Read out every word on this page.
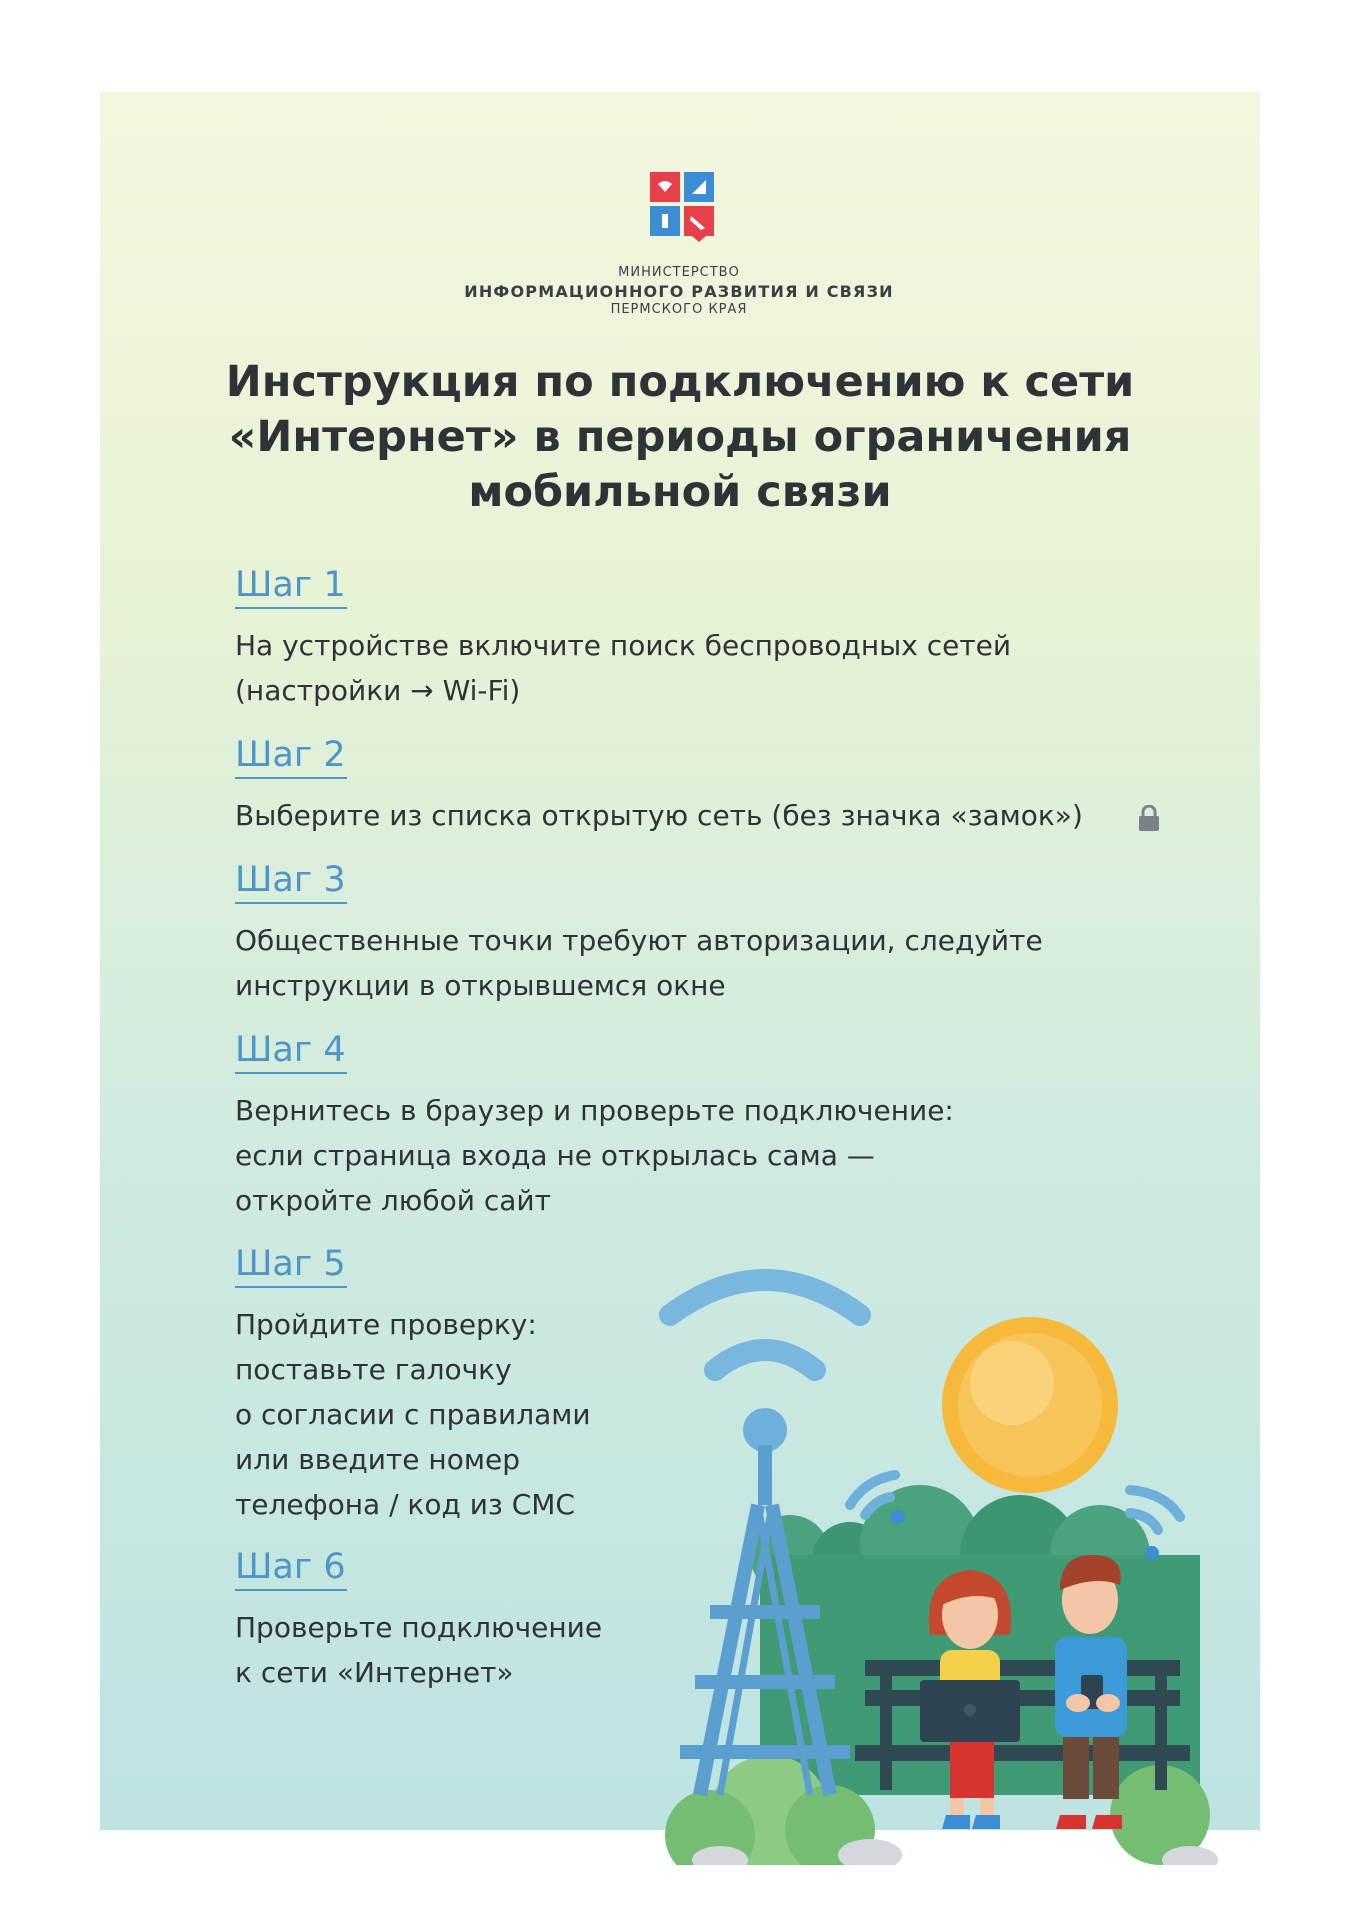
МИНИСТЕРСТВО
ИНФОРМАЦИОННОГО РАЗВИТИЯ И СВЯЗИ
ПЕРМСКОГО КРАЯ
Инструкция по подключению к сети
«Интернет» в периоды ограничения
мобильной связи
Шаг 1
На устройстве включите поиск беспроводных сетей
(настройки → Wi-Fi)
Шаг 2
Выберите из списка открытую сеть (без значка «замок»)
Шаг 3
Общественные точки требуют авторизации, следуйте
инструкции в открывшемся окне
Шаг 4
Вернитесь в браузер и проверьте подключение:
если страница входа не открылась сама —
откройте любой сайт
Шаг 5
Пройдите проверку:
поставьте галочку
о согласии с правилами
или введите номер
телефона / код из СМС
Шаг 6
Проверьте подключение
к сети «Интернет»
